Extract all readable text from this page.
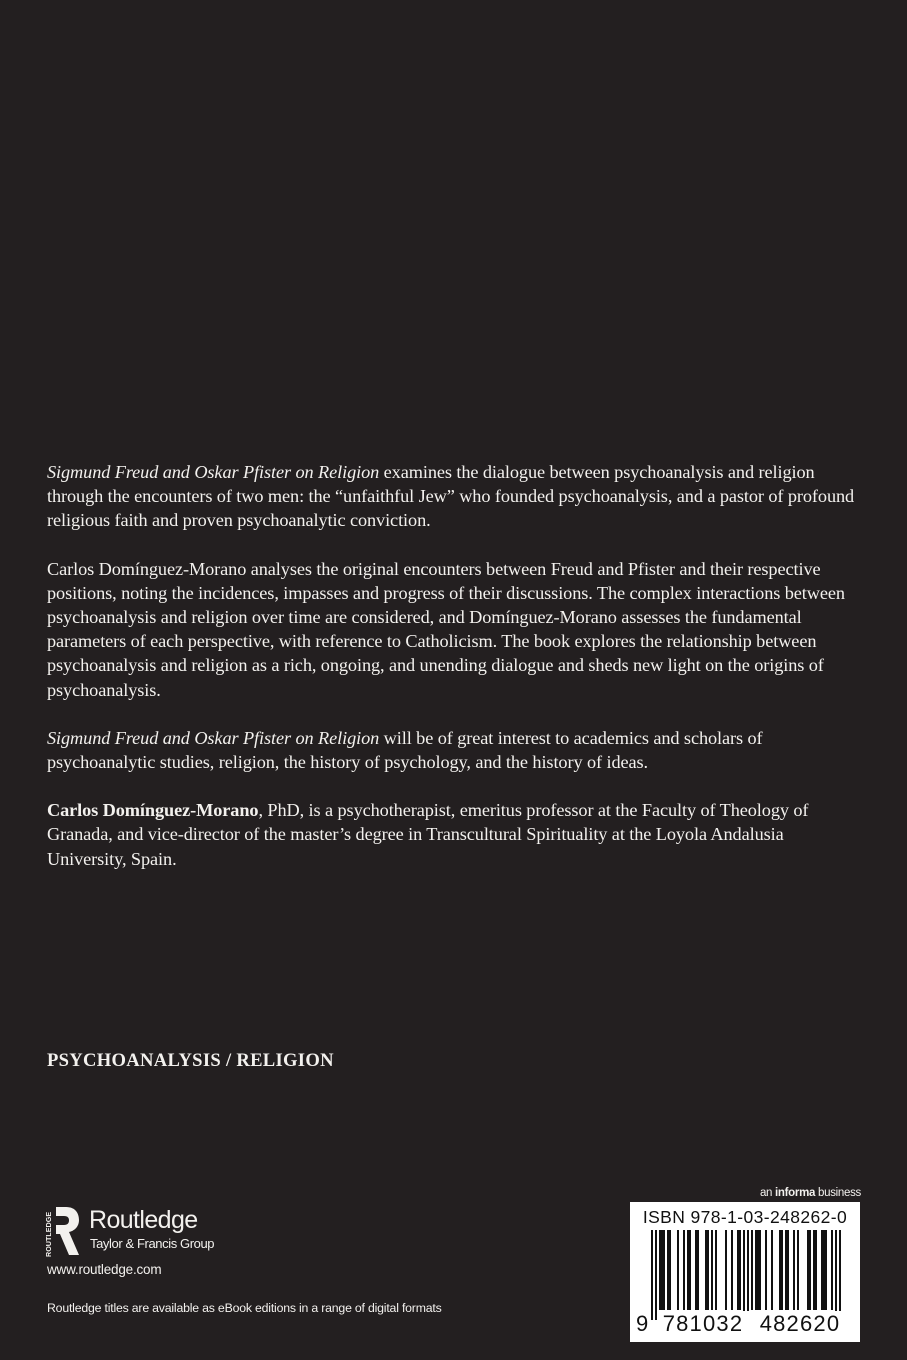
Sigmund Freud and Oskar Pfister on Religion examines the dialogue between psychoanalysis and religion through the encounters of two men: the “unfaithful Jew” who founded psychoanalysis, and a pastor of profound religious faith and proven psychoanalytic conviction.

Carlos Domínguez-Morano analyses the original encounters between Freud and Pfister and their respective positions, noting the incidences, impasses and progress of their discussions. The complex interactions between psychoanalysis and religion over time are considered, and Domínguez-Morano assesses the fundamental parameters of each perspective, with reference to Catholicism. The book explores the relationship between psychoanalysis and religion as a rich, ongoing, and unending dialogue and sheds new light on the origins of psychoanalysis.

Sigmund Freud and Oskar Pfister on Religion will be of great interest to academics and scholars of psychoanalytic studies, religion, the history of psychology, and the history of ideas.

Carlos Domínguez-Morano, PhD, is a psychotherapist, emeritus professor at the Faculty of Theology of Granada, and vice-director of the master’s degree in Transcultural Spirituality at the Loyola Andalusia University, Spain.

PSYCHOANALYSIS / RELIGION
ROUTLEDGE Routledge
Taylor & Francis Group
www.routledge.com
Routledge titles are available as eBook editions in a range of digital formats
an informa business
ISBN 978-1-03-248262-0
9 781032 482620
